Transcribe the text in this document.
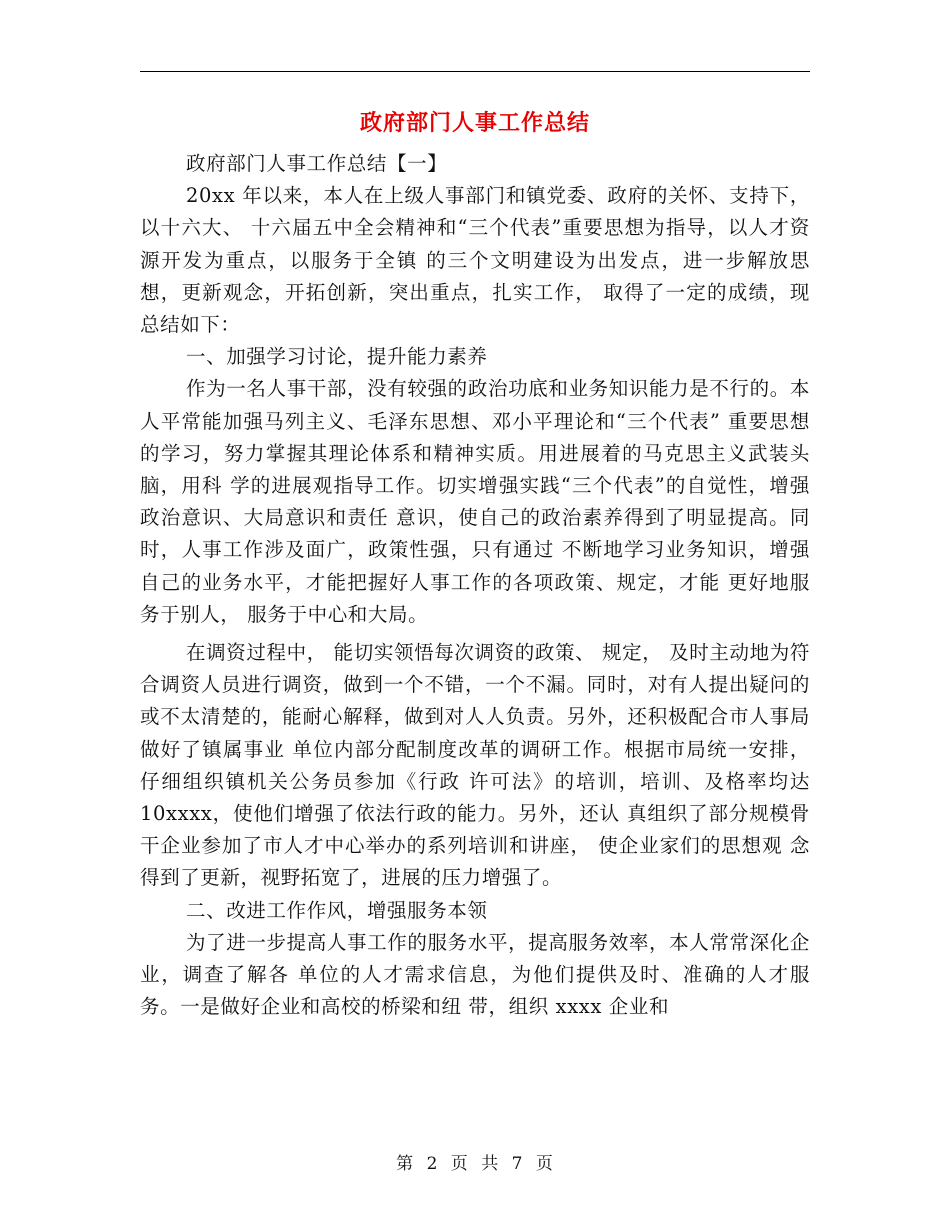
政府部门人事工作总结

政府部门人事工作总结【一】

20xx 年以来，本人在上级人事部门和镇党委、政府的关怀、支持下，以十六大、 十六届五中全会精神和“三个代表”重要思想为指导，以人才资源开发为重点，以服务于全镇 的三个文明建设为出发点，进一步解放思想，更新观念，开拓创新，突出重点，扎实工作， 取得了一定的成绩，现总结如下：

一、加强学习讨论，提升能力素养

作为一名人事干部，没有较强的政治功底和业务知识能力是不行的。本人平常能加强马列主义、毛泽东思想、邓小平理论和“三个代表” 重要思想的学习，努力掌握其理论体系和精神实质。用进展着的马克思主义武装头脑，用科 学的进展观指导工作。切实增强实践“三个代表”的自觉性，增强政治意识、大局意识和责任 意识，使自己的政治素养得到了明显提高。同时，人事工作涉及面广，政策性强，只有通过 不断地学习业务知识，增强自己的业务水平，才能把握好人事工作的各项政策、规定，才能 更好地服务于别人， 服务于中心和大局。

在调资过程中， 能切实领悟每次调资的政策、 规定， 及时主动地为符合调资人员进行调资，做到一个不错，一个不漏。同时，对有人提出疑问的 或不太清楚的，能耐心解释，做到对人人负责。另外，还积极配合市人事局做好了镇属事业 单位内部分配制度改革的调研工作。根据市局统一安排，仔细组织镇机关公务员参加《行政 许可法》的培训，培训、及格率均达 10xxxx，使他们增强了依法行政的能力。另外，还认 真组织了部分规模骨干企业参加了市人才中心举办的系列培训和讲座， 使企业家们的思想观 念得到了更新，视野拓宽了，进展的压力增强了。

二、改进工作作风，增强服务本领

为了进一步提高人事工作的服务水平，提高服务效率，本人常常深化企业，调查了解各 单位的人才需求信息，为他们提供及时、准确的人才服务。一是做好企业和高校的桥梁和纽 带，组织 xxxx 企业和

第 2 页 共 7 页
